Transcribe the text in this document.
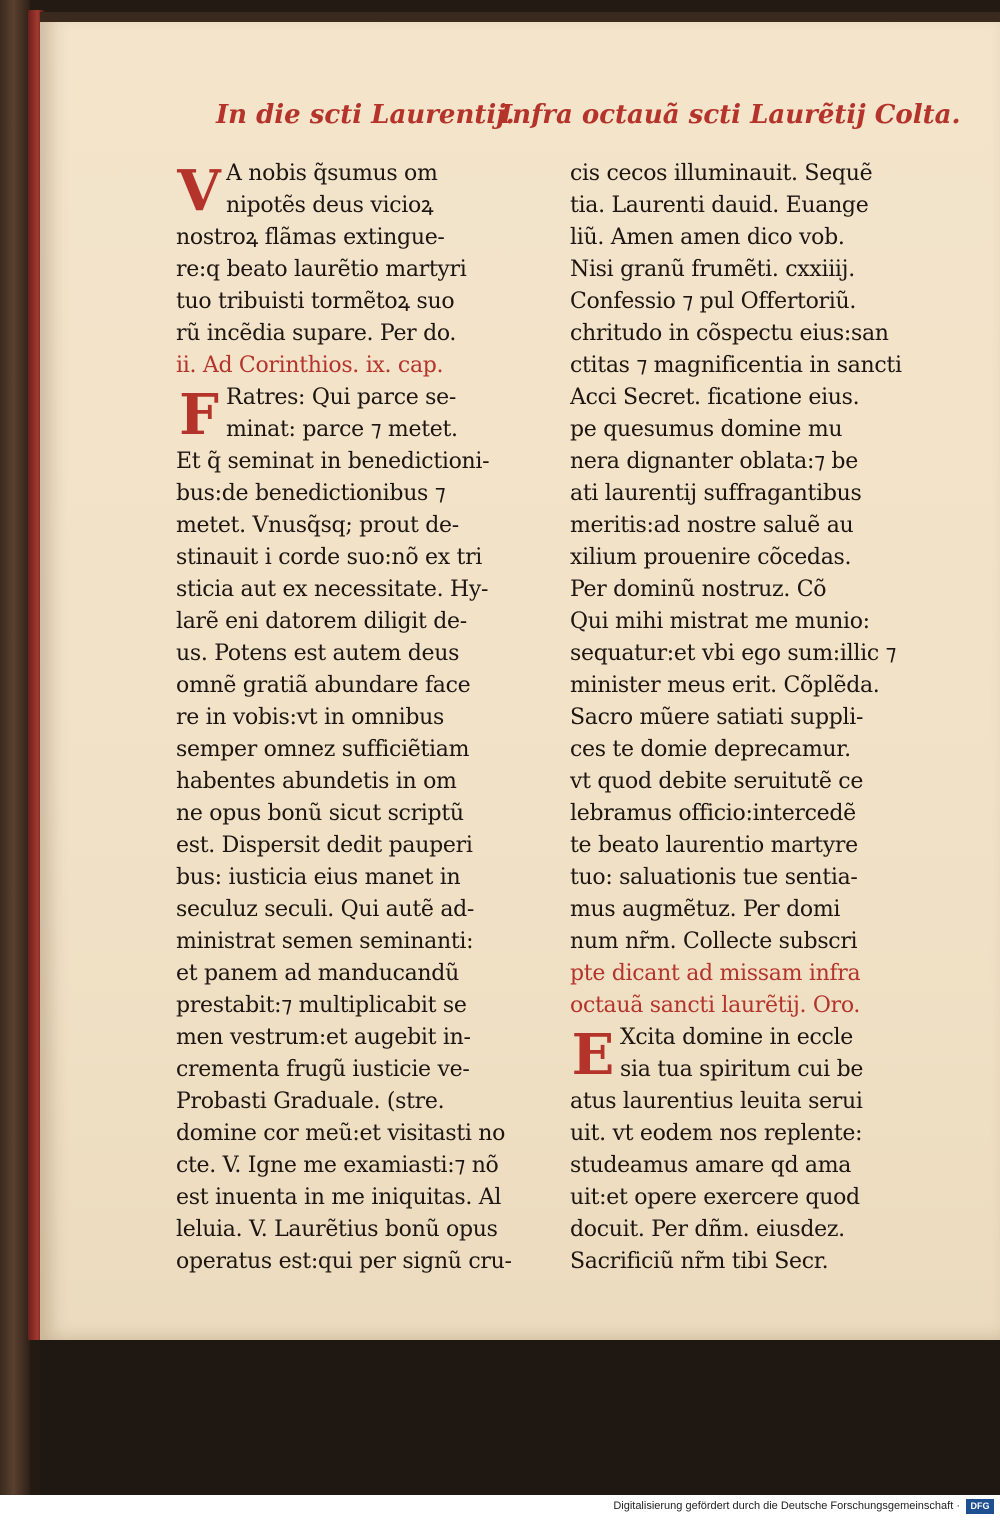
In die scti Laurentij.
Infra octauã scti Laurẽtij Colta.
V A nobis q̃sumus om
nipotẽs deus vicioꝝ
nostroꝝ flãmas extingue-
re:q beato laurẽtio martyri
tuo tribuisti tormẽtoꝝ suo
rũ incẽdia supare. Per do.
ii. Ad Corinthios. ix. cap.
F Ratres: Qui parce se-
minat: parce ⁊ metet.
Et q̃ seminat in benedictioni-
bus:de benedictionibus ⁊
metet. Vnusq̃sq; prout de-
stinauit i corde suo:nõ ex tri
sticia aut ex necessitate. Hy-
larẽ eni datorem diligit de-
us. Potens est autem deus
omnẽ gratiã abundare face
re in vobis:vt in omnibus
semper omnez sufficiẽtiam
habentes abundetis in om
ne opus bonũ sicut scriptũ
est. Dispersit dedit pauperi
bus: iusticia eius manet in
seculuz seculi. Qui autẽ ad-
ministrat semen seminanti:
et panem ad manducandũ
prestabit:⁊ multiplicabit se
men vestrum:et augebit in-
crementa frugũ iusticie ve-
Probasti Graduale. (stre.
domine cor meũ:et visitasti no
cte. V. Igne me examiasti:⁊ nõ
est inuenta in me iniquitas. Al
leluia. V. Laurẽtius bonũ opus
operatus est:qui per signũ cru-
cis cecos illuminauit. Sequẽ
tia. Laurenti dauid. Euange
liũ. Amen amen dico vob.
Nisi granũ frumẽti. cxxiiij.
Confessio ⁊ pul Offertoriũ.
chritudo in cõspectu eius:san
ctitas ⁊ magnificentia in sancti
Acci Secret. ficatione eius.
pe quesumus domine mu
nera dignanter oblata:⁊ be
ati laurentij suffragantibus
meritis:ad nostre saluẽ au
xilium prouenire cõcedas.
Per dominũ nostruz. Cõ
Qui mihi mistrat me munio:
sequatur:et vbi ego sum:illic ⁊
minister meus erit. Cõplẽda.
Sacro mũere satiati suppli-
ces te domie deprecamur.
vt quod debite seruitutẽ ce
lebramus officio:intercedẽ
te beato laurentio martyre
tuo: saluationis tue sentia-
mus augmẽtuz. Per domi
num nr̃m. Collecte subscri
pte dicant ad missam infra
octauã sancti laurẽtij. Oro.
E Xcita domine in eccle
sia tua spiritum cui be
atus laurentius leuita serui
uit. vt eodem nos replente:
studeamus amare qd ama
uit:et opere exercere quod
docuit. Per dñm. eiusdez.
Sacrificiũ nr̃m tibi Secr.
Digitalisierung gefördert durch die Deutsche Forschungsgemeinschaft ·	DFG
